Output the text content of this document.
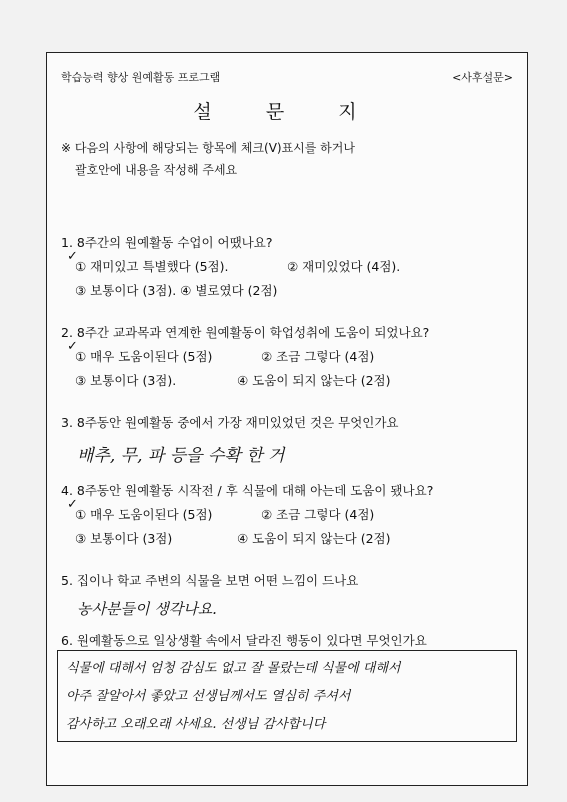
학습능력 향상 원예활동 프로그램	<사후설문>
설 문 지
※ 다음의 사항에 해당되는 항목에 체크(V)표시를 하거나
괄호안에 내용을 작성해 주세요
1. 8주간의 원예활동 수업이 어땠나요?
✓
① 재미있고 특별했다 (5점).	② 재미있었다 (4점).
③ 보통이다 (3점). ④ 별로였다 (2점)
2. 8주간 교과목과 연계한 원예활동이 학업성취에 도움이 되었나요?
✓
① 매우 도움이된다 (5점)	② 조금 그렇다 (4점)
③ 보통이다 (3점).	④ 도움이 되지 않는다 (2점)
3. 8주동안 원예활동 중에서 가장 재미있었던 것은 무엇인가요
배추, 무, 파 등을 수확 한 거
4. 8주동안 원예활동 시작전 / 후 식물에 대해 아는데 도움이 됐나요?
✓
① 매우 도움이된다 (5점)	② 조금 그렇다 (4점)
③ 보통이다 (3점)	④ 도움이 되지 않는다 (2점)
5. 집이나 학교 주변의 식물을 보면 어떤 느낌이 드나요
농사분들이 생각나요.
6. 원예활동으로 일상생활 속에서 달라진 행동이 있다면 무엇인가요
식물에 대해서 엄청 감심도 없고 잘 몰랐는데 식물에 대해서
아주 잘알아서 좋았고 선생님께서도 열심히 주셔서
감사하고 오래오래 사세요. 선생님 감사합니다
